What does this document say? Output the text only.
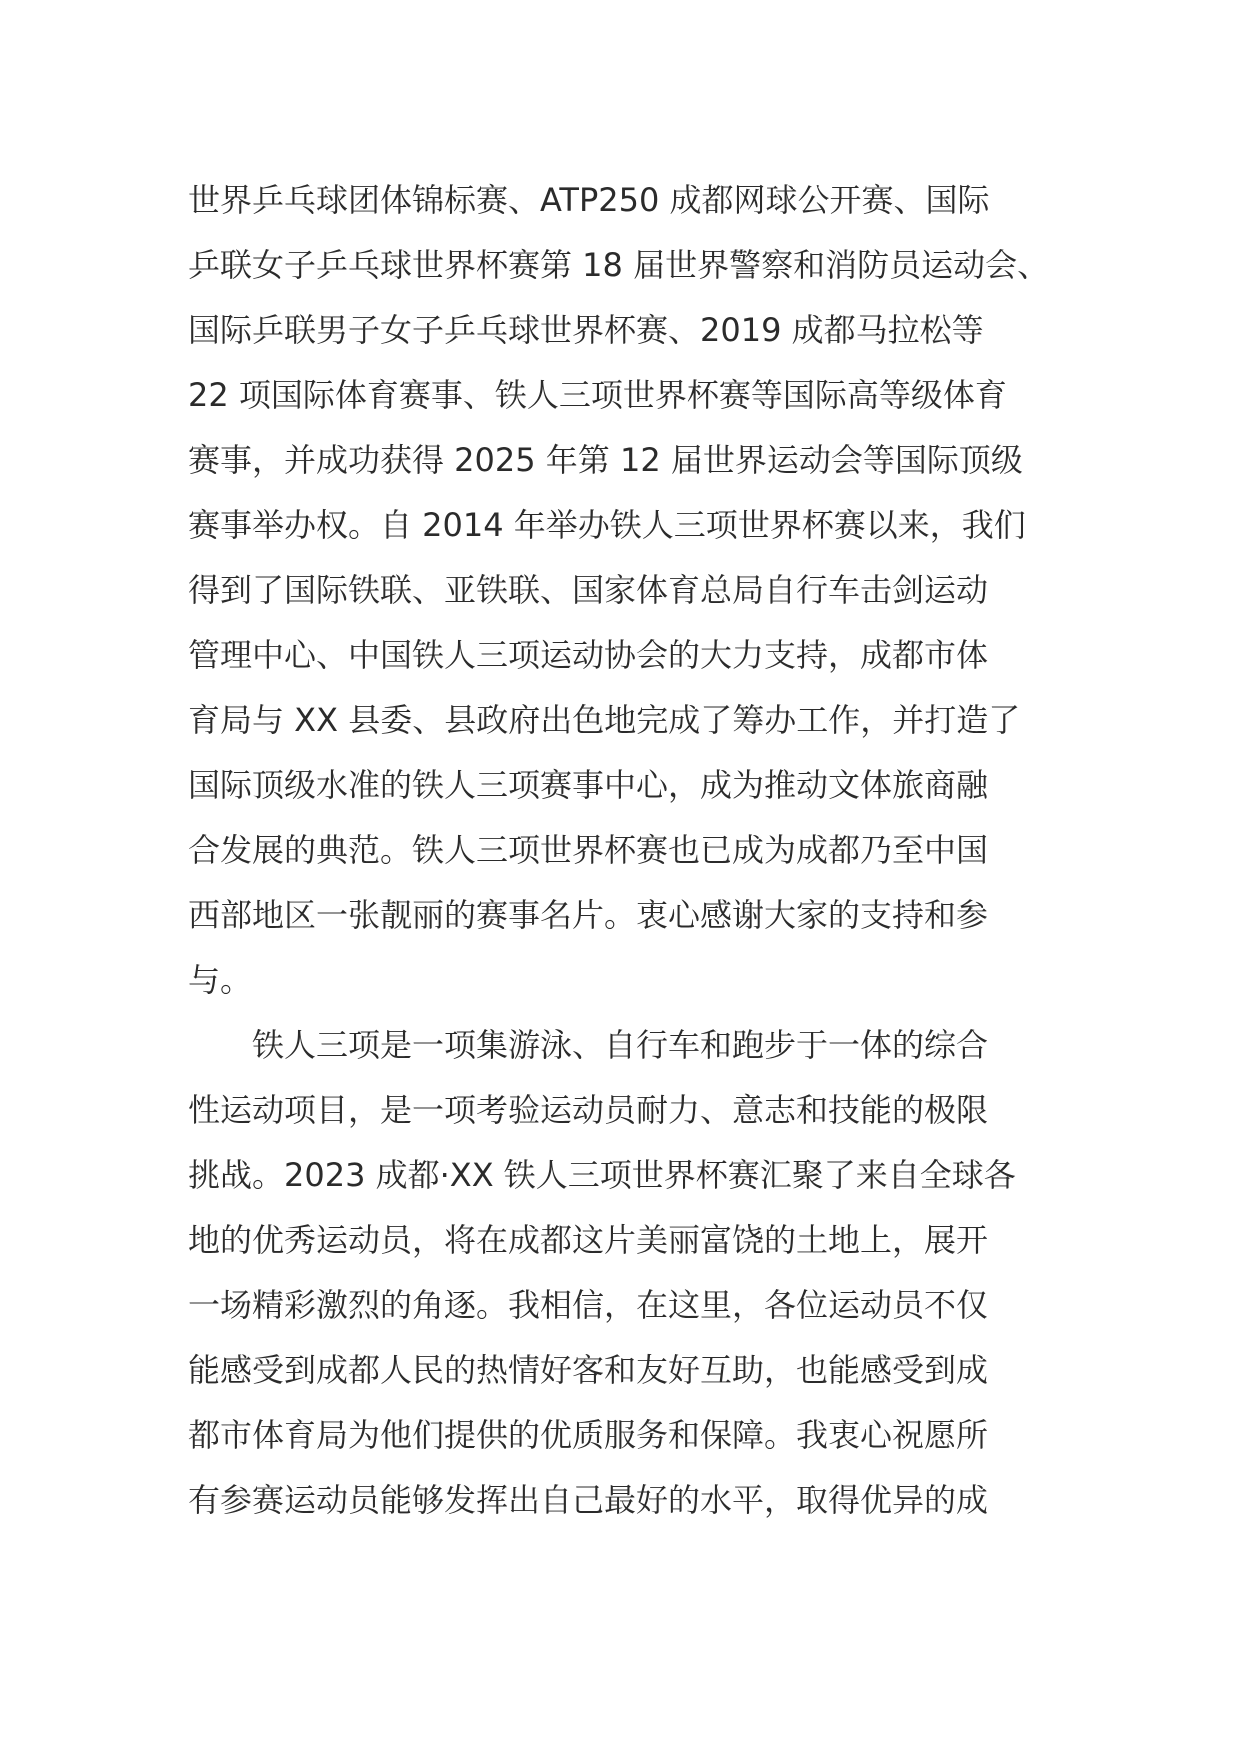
世界乒乓球团体锦标赛、ATP250 成都网球公开赛、国际
乒联女子乒乓球世界杯赛第 18 届世界警察和消防员运动会、
国际乒联男子女子乒乓球世界杯赛、2019 成都马拉松等
22 项国际体育赛事、铁人三项世界杯赛等国际高等级体育
赛事，并成功获得 2025 年第 12 届世界运动会等国际顶级
赛事举办权。自 2014 年举办铁人三项世界杯赛以来，我们
得到了国际铁联、亚铁联、国家体育总局自行车击剑运动
管理中心、中国铁人三项运动协会的大力支持，成都市体
育局与 XX 县委、县政府出色地完成了筹办工作，并打造了
国际顶级水准的铁人三项赛事中心，成为推动文体旅商融
合发展的典范。铁人三项世界杯赛也已成为成都乃至中国
西部地区一张靓丽的赛事名片。衷心感谢大家的支持和参
与。
铁人三项是一项集游泳、自行车和跑步于一体的综合
性运动项目，是一项考验运动员耐力、意志和技能的极限
挑战。2023 成都·XX 铁人三项世界杯赛汇聚了来自全球各
地的优秀运动员，将在成都这片美丽富饶的土地上，展开
一场精彩激烈的角逐。我相信，在这里，各位运动员不仅
能感受到成都人民的热情好客和友好互助，也能感受到成
都市体育局为他们提供的优质服务和保障。我衷心祝愿所
有参赛运动员能够发挥出自己最好的水平，取得优异的成
